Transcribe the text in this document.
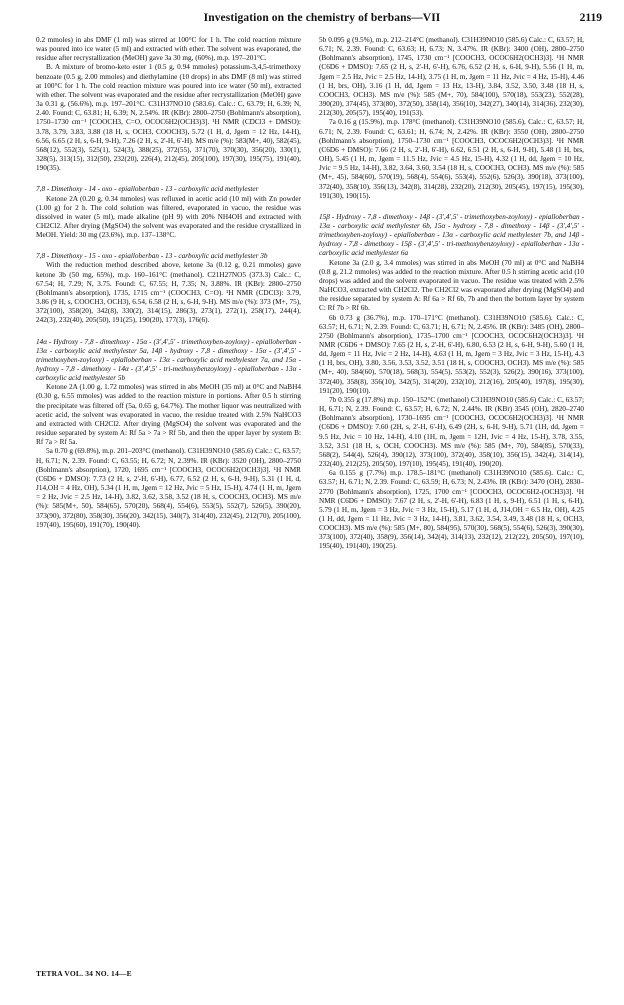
Investigation on the chemistry of berbans—VII	2119

0.2 mmoles) in abs DMF (1 ml) was stirred at 100°C for 1 h. The cold reaction mixture was poured into ice water (5 ml) and extracted with ether. The solvent was evaporated, the residue after recrystallization (MeOH) gave 3a 30 mg, (60%), m.p. 197–201°C.

B. A mixture of bromo-keto ester 1 (0.5 g, 0.94 mmoles) potassium-3,4,5-trimethoxy benzoate (0.5 g, 2.00 mmoles) and diethylamine (10 drops) in abs DMF (8 ml) was stirred at 100°C for 1 h. The cold reaction mixture was poured into ice water (50 ml), extracted with ether. The solvent was evaporated and the residue after recrystallization (MeOH) gave 3a 0.31 g, (56.6%), m.p. 197–201°C. C31H37NO10 (583.6). Calc.: C, 63.79; H, 6.39; N, 2.40. Found: C, 63.81; H, 6.39; N, 2.54%. IR (KBr): 2800–2750 (Bohlmann's absorption), 1750–1730 cm⁻¹ [COOCH3, C=O, OCOC6H2(OCH3)3]. ¹H NMR (CDCl3 + DMSO): 3.78, 3.79, 3.83, 3.88 (18 H, s, OCH3, COOCH3), 5.72 (1 H, d, Jgem = 12 Hz, 14-H), 6.56, 6.65 (2 H, s, 6-H, 9-H), 7.26 (2 H, s, 2'-H, 6'-H). MS m/e (%): 583(M+, 40), 582(45), 568(12), 552(3), 525(1), 524(3), 388(25), 372(55), 371(70), 370(30), 356(20), 330(1), 328(5), 313(15), 312(50), 232(20), 226(4), 212(45), 205(100), 197(30), 195(75), 191(40), 190(35).

7,8 - Dimethoxy - 14 - oxo - epialloberban - 13 - carboxylic acid methylester

Ketone 2A (0.20 g, 0.34 mmoles) was refluxed in acetic acid (10 ml) with Zn powder (1.00 g) for 2 h. The cold solution was filtered, evaporated in vacuo, the residue was dissolved in water (5 ml), made alkaline (pH 9) with 20% NH4OH and extracted with CH2Cl2. After drying (MgSO4) the solvent was evaporated and the residue crystallized in MeOH. Yield: 30 mg (23.6%), m.p. 137–138°C.

7,8 - Dimethoxy - 15 - oxo - epialloberban - 13 - carboxylic acid methylester 3b

With the reduction method described above, ketone 3a (0.12 g, 0.21 mmoles) gave ketone 3b (50 mg, 65%), m.p. 160–161°C (methanol). C21H27NO5 (373.3) Calc.: C, 67.54; H, 7.29; N, 3.75. Found: C, 67.55; H, 7.35; N, 3.88%. IR (KBr): 2800–2750 (Bohlmann's absorption), 1735, 1715 cm⁻¹ (COOCH3, C=O). ¹H NMR (CDCl3): 3.79, 3.86 (9 H, s, COOCH3, OCH3), 6.54, 6.58 (2 H, s, 6-H, 9-H). MS m/e (%): 373 (M+, 75), 372(100), 358(20), 342(8), 330(2), 314(15), 286(3), 273(1), 272(1), 258(17), 244(4), 242(3), 232(40), 205(50), 191(25), 190(20), 177(3), 176(6).

14α - Hydroxy - 7,8 - dimethoxy - 15α - (3',4',5' - trimethoxyben-zoyloxy) - epialloberban - 13α - carboxylic acid methylester 5a, 14β - hydroxy - 7,8 - dimethoxy - 15α - (3',4',5' - trimethoxyben-zoyloxy) - epialloberban - 13α - carboxylic acid methylester 7a, and 15α - hydroxy - 7,8 - dimethoxy - 14α - (3',4',5' - tri-methoxybenzoyloxy) - epialloberban - 13α - carboxylic acid methylester 5b

Ketone 2A (1.00 g, 1.72 mmoles) was stirred in abs MeOH (35 ml) at 0°C and NaBH4 (0.30 g, 6.55 mmoles) was added to the reaction mixture in portions. After 0.5 h stirring the precipitate was filtered off (5a, 0.65 g, 64.7%). The mother liquor was neutralized with acetic acid, the solvent was evaporated in vacuo, the residue treated with 2.5% NaHCO3 and extracted with CH2Cl2. After drying (MgSO4) the solvent was evaporated and the residue separated by system A: Rf 5a > 7a > Rf 5b, and then the upper layer by system B: Rf 7a > Rf 5a.

5a 0.70 g (69.8%), m.p. 201–203°C (methanol). C31H39NO10 (585.6) Calc.: C, 63.57; H, 6.71; N, 2.39. Found: C, 63.55; H, 6.72; N, 2.39%. IR (KBr): 3520 (OH), 2800–2750 (Bohlmann's absorption), 1720, 1695 cm⁻¹ [COOCH3, OCOC6H2(OCH3)3]. ¹H NMR (C6D6 + DMSO): 7.73 (2 H, s, 2'-H, 6'-H), 6.77, 6.52 (2 H, s, 6-H, 9-H), 5.31 (1 H, d, J14,OH = 4 Hz, OH), 5.34 (1 H, m, Jgem = 12 Hz, Jvic = 5 Hz, 15-H), 4.74 (1 H, m, Jgem = 2 Hz, Jvic = 2.5 Hz, 14-H), 3.82, 3.62, 3.58, 3.52 (18 H, s, COOCH3, OCH3). MS m/e (%): 585(M+, 50), 584(65), 570(20), 568(4), 554(6), 553(5), 552(7), 526(5), 390(20), 373(90), 372(80), 358(30), 356(20), 342(15), 340(7), 314(40), 232(45), 212(70), 205(100), 197(40), 195(60), 191(70), 190(40).

5b 0.095 g (9.5%), m.p. 212–214°C (methanol). C31H39NO10 (585.6) Calc.: C, 63.57; H, 6.71; N, 2.39. Found: C, 63.63; H, 6.73; N, 3.47%. IR (KBr): 3400 (OH), 2800–2750 (Bohlmann's absorption), 1745, 1730 cm⁻¹ [COOCH3, OCOC6H2(OCH3)3]. ¹H NMR (C6D6 + DMSO): 7.65 (2 H, s, 2'-H, 6'-H), 6.76, 6.52 (2 H, s, 6-H, 9-H), 5.56 (1 H, m, Jgem = 2.5 Hz, Jvic = 2.5 Hz, 14-H), 3.75 (1 H, m, Jgem = 11 Hz, Jvic = 4 Hz, 15-H), 4.46 (1 H, brs, OH), 3.16 (1 H, dd, Jgem = 13 Hz, 13-H), 3.84, 3.52, 3.50, 3.48 (18 H, s, COOCH3, OCH3). MS m/e (%): 585 (M+, 70), 584(100), 570(18), 553(23), 552(28), 390(20), 374(45), 373(80), 372(50), 358(14), 356(10), 342(27), 340(14), 314(36), 232(30), 212(30), 205(57), 195(40), 191(53).

7a 0.16 g (15.9%), m.p. 178°C (methanol). C31H39NO10 (585.6), Calc.: C, 63.57; H, 6.71; N, 2.39. Found: C, 63.61; H, 6.74; N, 2.42%. IR (KBr): 3550 (OH), 2800–2750 (Bohlmann's absorption), 1750–1730 cm⁻¹ [COOCH3, OCOC6H2(OCH3)3]. ¹H NMR (C6D6 + DMSO): 7.66 (2 H, s, 2'-H, 6'-H), 6.62, 6.51 (2 H, s, 6-H, 9-H), 5.48 (1 H, brs, OH), 5.45 (1 H, m, Jgem = 11.5 Hz, Jvic = 4.5 Hz, 15-H), 4.32 (1 H, dd, Jgem = 10 Hz, Jvic = 9.5 Hz, 14-H), 3.82, 3.64, 3.60, 3.54 (18 H, s, COOCH3, OCH3). MS m/e (%): 585 (M+, 45), 584(60), 570(19), 568(4), 554(6), 553(4), 552(6), 526(3), 390(18), 373(100), 372(40), 358(10), 356(13), 342(8), 314(28), 232(20), 212(30), 205(45), 197(15), 195(30), 191(30), 190(15).

15β - Hydroxy - 7,8 - dimethoxy - 14β - (3',4',5' - trimethoxyben-zoyloxy) - epialloberban - 13α - carboxylic acid methylester 6b, 15α - hydroxy - 7,8 - dimethoxy - 14β - (3',4',5' - trimethoxyben-zoyloxy) - epialloberban - 13α - carboxylic acid methylester 7b, and 14β - hydroxy - 7,8 - dimethoxy - 15β - (3',4',5' - tri-methoxybenzoyloxy) - epialloberban - 13α - carboxylic acid methylester 6a

Ketone 3a (2.0 g, 3.4 mmoles) was stirred in abs MeOH (70 ml) at 0°C and NaBH4 (0.8 g, 21.2 mmoles) was added to the reaction mixture. After 0.5 h stirring acetic acid (10 drops) was added and the solvent evaporated in vacuo. The residue was treated with 2.5% NaHCO3, extracted with CH2Cl2. The CH2Cl2 was evaporated after drying (MgSO4) and the residue separated by system A: Rf 6a > Rf 6b, 7b and then the bottom layer by system C: Rf 7b > Rf 6b.

6b 0.73 g (36.7%), m.p. 170–171°C (methanol). C31H39NO10 (585.6). Calc.: C, 63.57; H, 6.71; N, 2.39. Found: C, 63.71; H, 6.71; N, 2.45%. IR (KBr): 3485 (OH), 2800–2750 (Bohlmann's absorption), 1735–1700 cm⁻¹ [COOCH3, OCOC6H2(OCH3)3]. ¹H NMR (C6D6 + DMSO): 7.65 (2 H, s, 2'-H, 6'-H), 6.80, 6.53 (2 H, s, 6-H, 9-H), 5.60 (1 H, dd, Jgem = 11 Hz, Jvic = 2 Hz, 14-H), 4.63 (1 H, m, Jgem = 3 Hz, Jvic = 3 Hz, 15-H), 4.3 (1 H, brs, OH), 3.80, 3.56, 3.53, 3.52, 3.51 (18 H, s, COOCH3, OCH3). MS m/e (%): 585 (M+, 40), 584(60), 570(18), 568(3), 554(5), 553(2), 552(3), 526(2), 390(16), 373(100), 372(40), 358(8), 356(10), 342(5), 314(20), 232(10), 212(16), 205(40), 197(8), 195(30), 191(20), 190(10).

7b 0.355 g (17.8%) m.p. 150–152°C (methanol) C31H39NO10 (585.6) Calc.: C, 63.57; H, 6.71; N, 2.39. Found: C, 63.57; H, 6.72; N, 2.44%. IR (KBr) 3545 (OH), 2820–2740 (Bohlmann's absorption), 1730–1695 cm⁻¹ [COOCH3, OCOC6H2(OCH3)3]. ¹H NMR (C6D6 + DMSO): 7.60 (2H, s, 2'-H, 6'-H), 6.49 (2H, s, 6-H, 9-H), 5.71 (1H, dd, Jgem = 9.5 Hz, Jvic = 10 Hz, 14-H), 4.10 (1H, m, Jgem = 12H, Jvic = 4 Hz, 15-H), 3.78, 3.55, 3.52, 3.51 (18 H, s, OCH, COOCH3). MS m/e (%): 585 (M+, 70), 584(85), 570(33), 568(2), 544(4), 526(4), 390(12), 373(100), 372(40), 358(10), 356(15), 342(4), 314(14), 232(40), 212(25), 205(50), 197(10), 195(45), 191(40), 190(20).

6a 0.155 g (7.7%) m.p. 178.5–181°C (methanol) C31H39NO10 (585.6). Calc.: C, 63.57; H, 6.71; N, 2.39. Found: C, 63.59; H, 6.73; N, 2.43%. IR (KBr): 3470 (OH), 2830–2770 (Bohlmann's absorption), 1725, 1700 cm⁻¹ [COOCH3, OCOC6H2-(OCH3)3]. ¹H NMR (C6D6 + DMSO): 7.67 (2 H, s, 2'-H, 6'-H), 6.83 (1 H, s, 9-H), 6.51 (1 H, s, 6-H), 5.79 (1 H, m, Jgem = 3 Hz, Jvic = 3 Hz, 15-H), 5.17 (1 H, d, J14,OH = 6.5 Hz, OH), 4.25 (1 H, dd, Jgem = 11 Hz, Jvic = 3 Hz, 14-H), 3.81, 3.62, 3.54, 3.49, 3.48 (18 H, s, OCH3, COOCH3). MS m/e (%): 585 (M+, 80), 584(95), 570(30), 568(5), 554(6), 526(3), 390(30), 373(100), 372(40), 358(9), 356(14), 342(4), 314(13), 232(12), 212(22), 205(50), 197(10), 195(40), 191(40), 190(25).

TETRA VOL. 34 NO. 14—E
